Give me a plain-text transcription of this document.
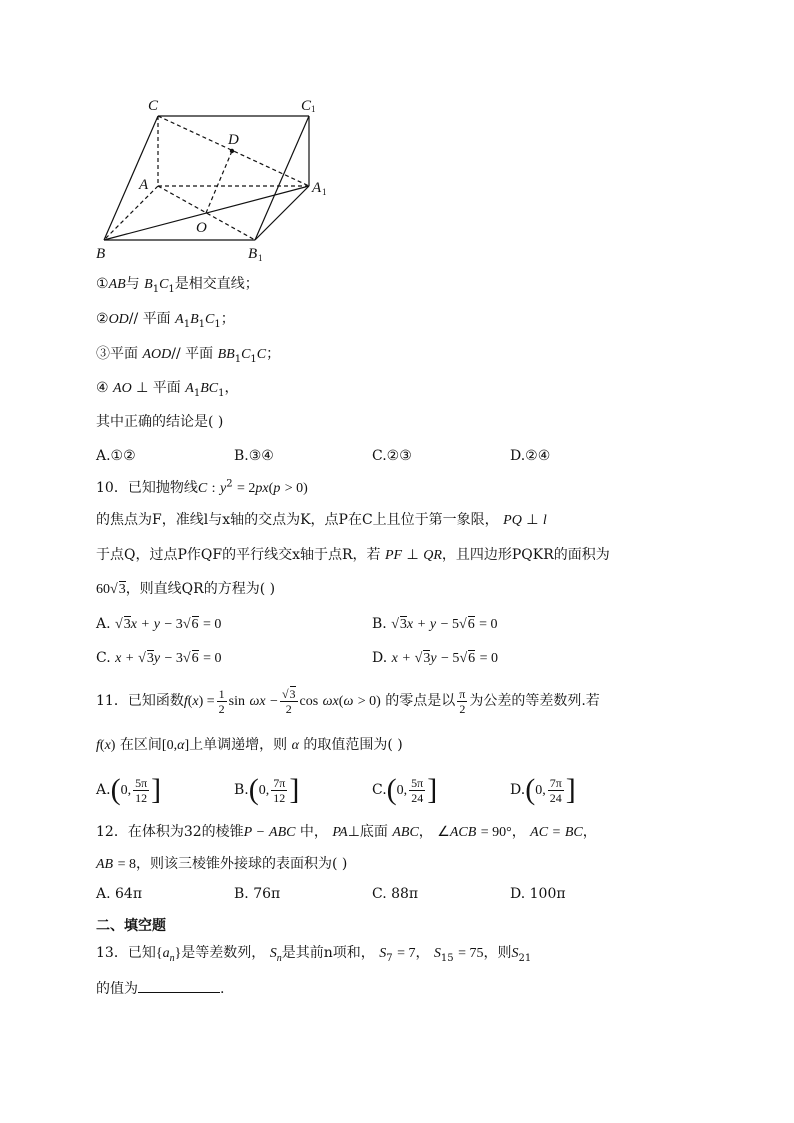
C	C 1
D
A	A 1
O
B	B 1
①AB与 $B_1C_1$是相交直线；
②OD// 平面 $A_1B_1C_1$；
③平面 AOD// 平面 $BB_1C_1C$；
④ AO ⊥ 平面 $A_1BC_1$，
其中正确的结论是( )
A.①②	B.③④	C.②③	D.②④
10．已知抛物线C : $y^2 = 2px(p > 0)$
的焦点为F，准线l与x轴的交点为K，点P在C上且位于第一象限， PQ ⊥ l
于点Q，过点P作QF的平行线交x轴于点R，若 PF ⊥ QR，且四边形PQKR的面积为
60√3，则直线QR的方程为( )
A. √3x + y − 3√6 = 0	B. √3x + y − 5√6 = 0
C. x + √3y − 3√6 = 0	D. x + √3y − 5√6 = 0
11．已知函数$f(x) = \frac{1}{2}$ $\sin \omega x - \frac{√3}{2}$ cos ωx(ω > 0) 的零点是以 $\frac{\pi}{2}$ 为公差的等差数列.若
f(x) 在区间[0,α]上单调递增，则 α 的取值范围为( )
A.(0, $\frac{5\pi}{12}$ ]	B.(0, $\frac{7\pi}{12}$ ]	C.(0, $\frac{5\pi}{24}$ ]	D.(0, $\frac{7\pi}{24}$ ]
12．在体积为32的棱锥P − ABC 中， PA⊥底面 ABC， ∠ACB = 90°， AC = BC，
AB = 8，则该三棱锥外接球的表面积为( )
A. 64π	B. 76π	C. 88π	D. 100π
二、填空题
13．已知$\{a_n\}$是等差数列， $S_n$是其前n项和， $S_7 = 7$， $S_{15} = 75$，则$S_{21}$
的值为	.
